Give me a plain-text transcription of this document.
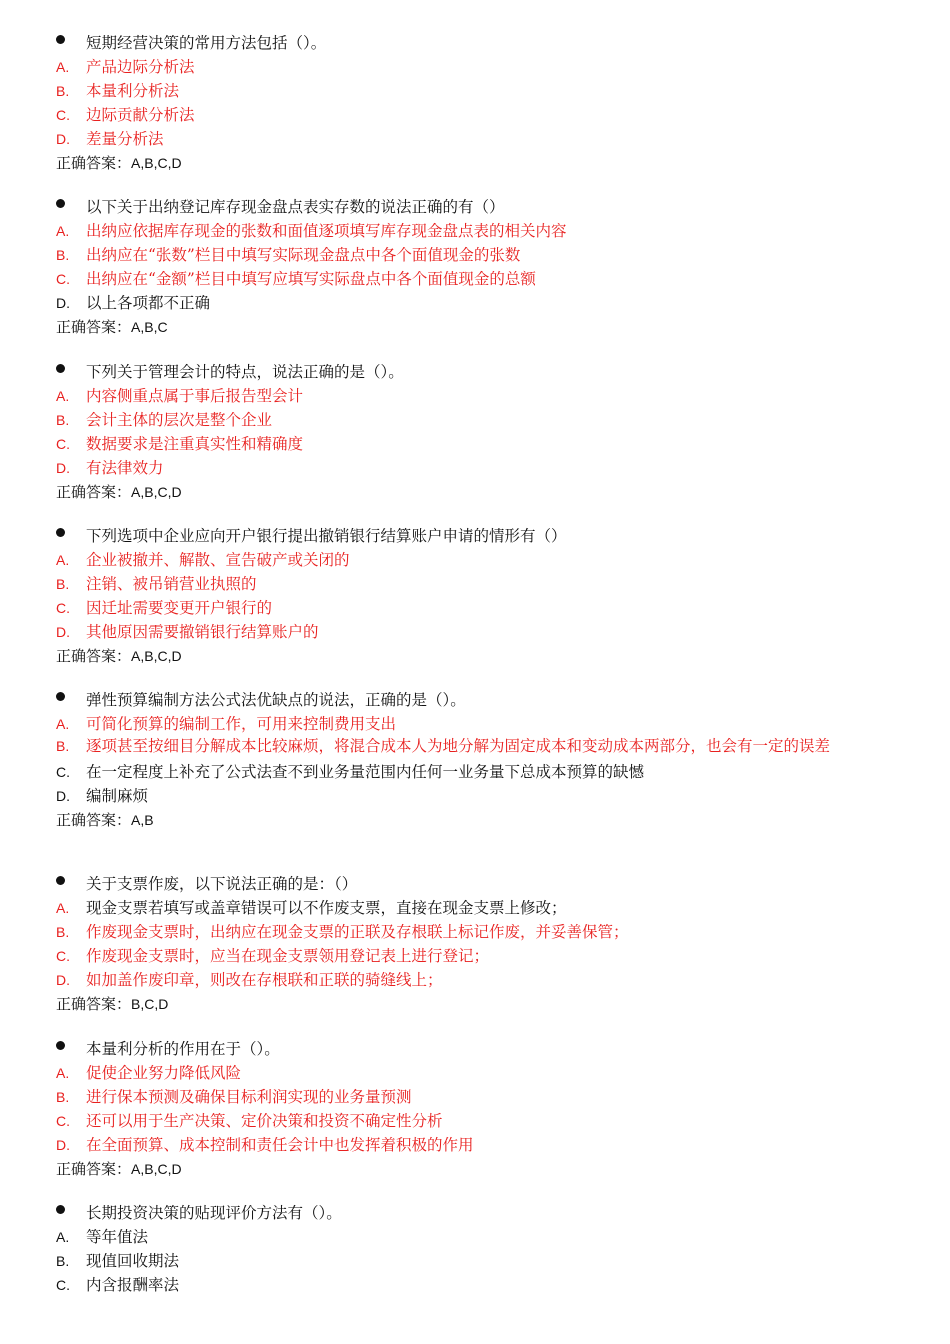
短期经营决策的常用方法包括（）。
A. 产品边际分析法
B. 本量利分析法
C. 边际贡献分析法
D. 差量分析法
正确答案：A,B,C,D
以下关于出纳登记库存现金盘点表实存数的说法正确的有（）
A. 出纳应依据库存现金的张数和面值逐项填写库存现金盘点表的相关内容
B. 出纳应在“张数”栏目中填写实际现金盘点中各个面值现金的张数
C. 出纳应在“金额”栏目中填写应填写实际盘点中各个面值现金的总额
D. 以上各项都不正确
正确答案：A,B,C
下列关于管理会计的特点，说法正确的是（）。
A. 内容侧重点属于事后报告型会计
B. 会计主体的层次是整个企业
C. 数据要求是注重真实性和精确度
D. 有法律效力
正确答案：A,B,C,D
下列选项中企业应向开户银行提出撤销银行结算账户申请的情形有（）
A. 企业被撤并、解散、宣告破产或关闭的
B. 注销、被吊销营业执照的
C. 因迁址需要变更开户银行的
D. 其他原因需要撤销银行结算账户的
正确答案：A,B,C,D
弹性预算编制方法公式法优缺点的说法，正确的是（）。
A. 可简化预算的编制工作，可用来控制费用支出
B. 逐项甚至按细目分解成本比较麻烦，将混合成本人为地分解为固定成本和变动成本两部分，也会有一定的误差
C. 在一定程度上补充了公式法查不到业务量范围内任何一业务量下总成本预算的缺憾
D. 编制麻烦
正确答案：A,B
关于支票作废，以下说法正确的是：（）
A. 现金支票若填写或盖章错误可以不作废支票，直接在现金支票上修改；
B. 作废现金支票时，出纳应在现金支票的正联及存根联上标记作废，并妥善保管；
C. 作废现金支票时，应当在现金支票领用登记表上进行登记；
D. 如加盖作废印章，则改在存根联和正联的骑缝线上；
正确答案：B,C,D
本量利分析的作用在于（）。
A. 促使企业努力降低风险
B. 进行保本预测及确保目标利润实现的业务量预测
C. 还可以用于生产决策、定价决策和投资不确定性分析
D. 在全面预算、成本控制和责任会计中也发挥着积极的作用
正确答案：A,B,C,D
长期投资决策的贴现评价方法有（）。
A. 等年值法
B. 现值回收期法
C. 内含报酬率法
